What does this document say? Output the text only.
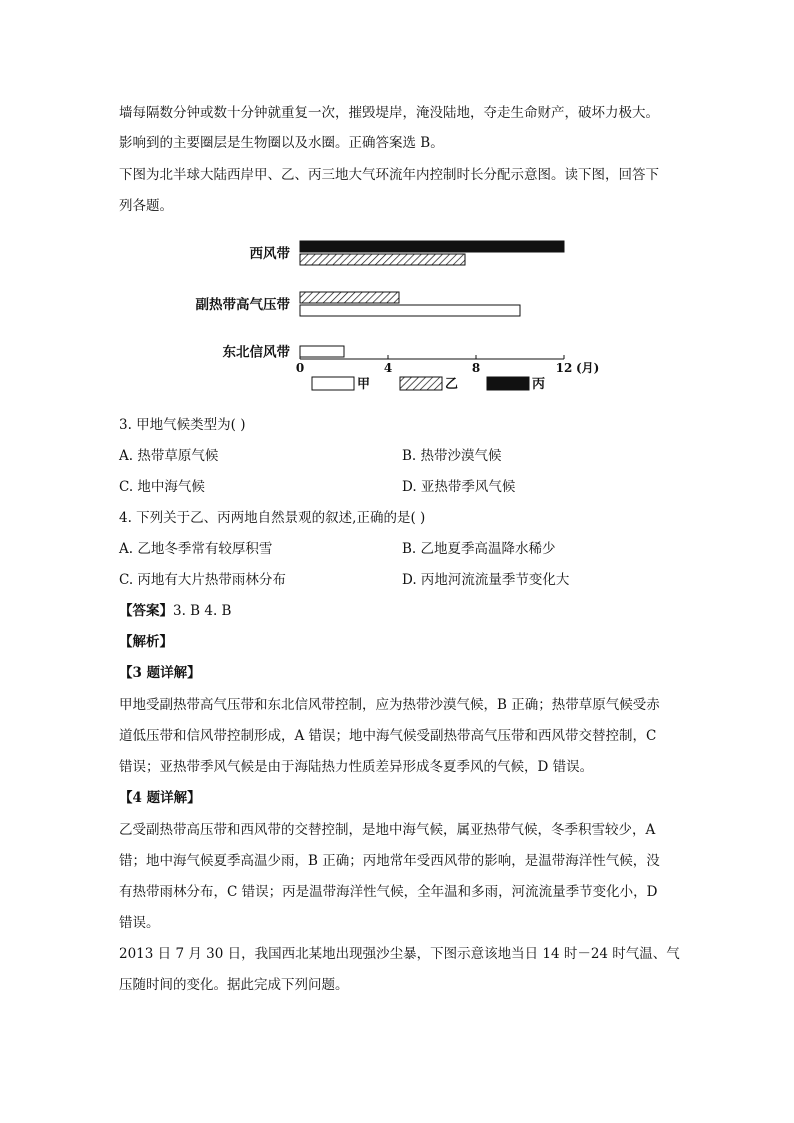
墙每隔数分钟或数十分钟就重复一次，摧毁堤岸，淹没陆地，夺走生命财产，破坏力极大。
影响到的主要圈层是生物圈以及水圈。正确答案选 B。
下图为北半球大陆西岸甲、乙、丙三地大气环流年内控制时长分配示意图。读下图，回答下
列各题。
西风带
副热带高气压带
东北信风带
0	4	8	12 (月)
甲	乙	丙
3. 甲地气候类型为( )
A. 热带草原气候	B. 热带沙漠气候
C. 地中海气候	D. 亚热带季风气候
4. 下列关于乙、丙两地自然景观的叙述,正确的是( )
A. 乙地冬季常有较厚积雪	B. 乙地夏季高温降水稀少
C. 丙地有大片热带雨林分布	D. 丙地河流流量季节变化大
【答案】3. B 4. B
【解析】
【3 题详解】
甲地受副热带高气压带和东北信风带控制，应为热带沙漠气候，B 正确；热带草原气候受赤
道低压带和信风带控制形成，A 错误；地中海气候受副热带高气压带和西风带交替控制，C
错误；亚热带季风气候是由于海陆热力性质差异形成冬夏季风的气候，D 错误。
【4 题详解】
乙受副热带高压带和西风带的交替控制，是地中海气候，属亚热带气候，冬季积雪较少，A
错；地中海气候夏季高温少雨，B 正确；丙地常年受西风带的影响，是温带海洋性气候，没
有热带雨林分布，C 错误；丙是温带海洋性气候，全年温和多雨，河流流量季节变化小，D
错误。
2013 日 7 月 30 日，我国西北某地出现强沙尘暴，下图示意该地当日 14 时－24 时气温、气
压随时间的变化。据此完成下列问题。
